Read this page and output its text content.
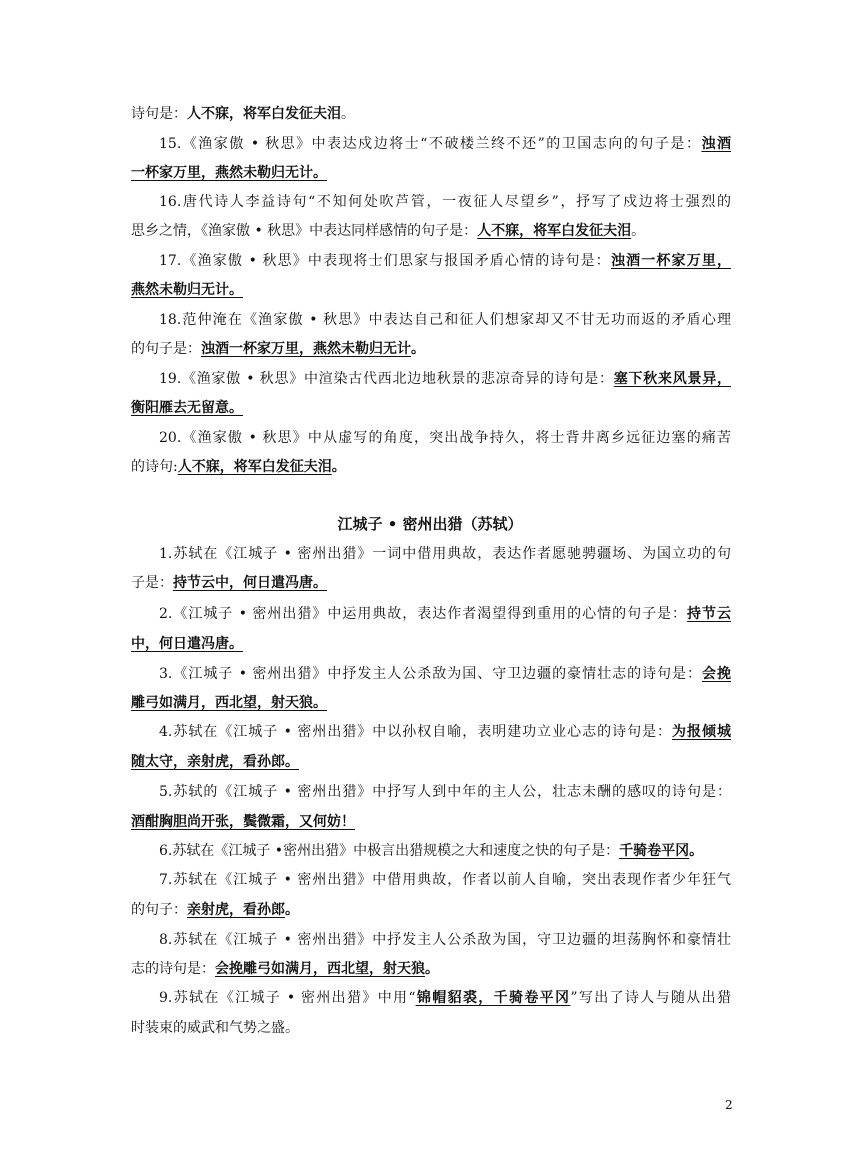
诗句是：人不寐，将军白发征夫泪。
15.《渔家傲 • 秋思》中表达戍边将士“不破楼兰终不还”的卫国志向的句子是：浊酒
一杯家万里，燕然未勒归无计。
16.唐代诗人李益诗句“不知何处吹芦管，一夜征人尽望乡”，抒写了戍边将士强烈的
思乡之情，《渔家傲 • 秋思》中表达同样感情的句子是：人不寐，将军白发征夫泪。
17.《渔家傲 • 秋思》中表现将士们思家与报国矛盾心情的诗句是：浊酒一杯家万里，
燕然未勒归无计。
18.范仲淹在《渔家傲 • 秋思》中表达自己和征人们想家却又不甘无功而返的矛盾心理
的句子是：浊酒一杯家万里，燕然未勒归无计。
19.《渔家傲 • 秋思》中渲染古代西北边地秋景的悲凉奇异的诗句是：塞下秋来风景异，
衡阳雁去无留意。
20.《渔家傲 • 秋思》中从虚写的角度，突出战争持久，将士背井离乡远征边塞的痛苦
的诗句:人不寐，将军白发征夫泪。
江城子 • 密州出猎（苏轼）
1.苏轼在《江城子 • 密州出猎》一词中借用典故，表达作者愿驰骋疆场、为国立功的句
子是：持节云中，何日遣冯唐。
2.《江城子 • 密州出猎》中运用典故，表达作者渴望得到重用的心情的句子是：持节云
中，何日遣冯唐。
3.《江城子 • 密州出猎》中抒发主人公杀敌为国、守卫边疆的豪情壮志的诗句是：会挽
雕弓如满月，西北望，射天狼。
4.苏轼在《江城子 • 密州出猎》中以孙权自喻，表明建功立业心志的诗句是：为报倾城
随太守，亲射虎，看孙郎。
5.苏轼的《江城子 • 密州出猎》中抒写人到中年的主人公，壮志未酬的感叹的诗句是：
酒酣胸胆尚开张，鬓微霜，又何妨！
6.苏轼在《江城子 •密州出猎》中极言出猎规模之大和速度之快的句子是：千骑卷平冈。
7.苏轼在《江城子 • 密州出猎》中借用典故，作者以前人自喻，突出表现作者少年狂气
的句子：亲射虎，看孙郎。
8.苏轼在《江城子 • 密州出猎》中抒发主人公杀敌为国，守卫边疆的坦荡胸怀和豪情壮
志的诗句是：会挽雕弓如满月，西北望，射天狼。
9.苏轼在《江城子 • 密州出猎》中用“锦帽貂裘，千骑卷平冈”写出了诗人与随从出猎
时装束的威武和气势之盛。
2
